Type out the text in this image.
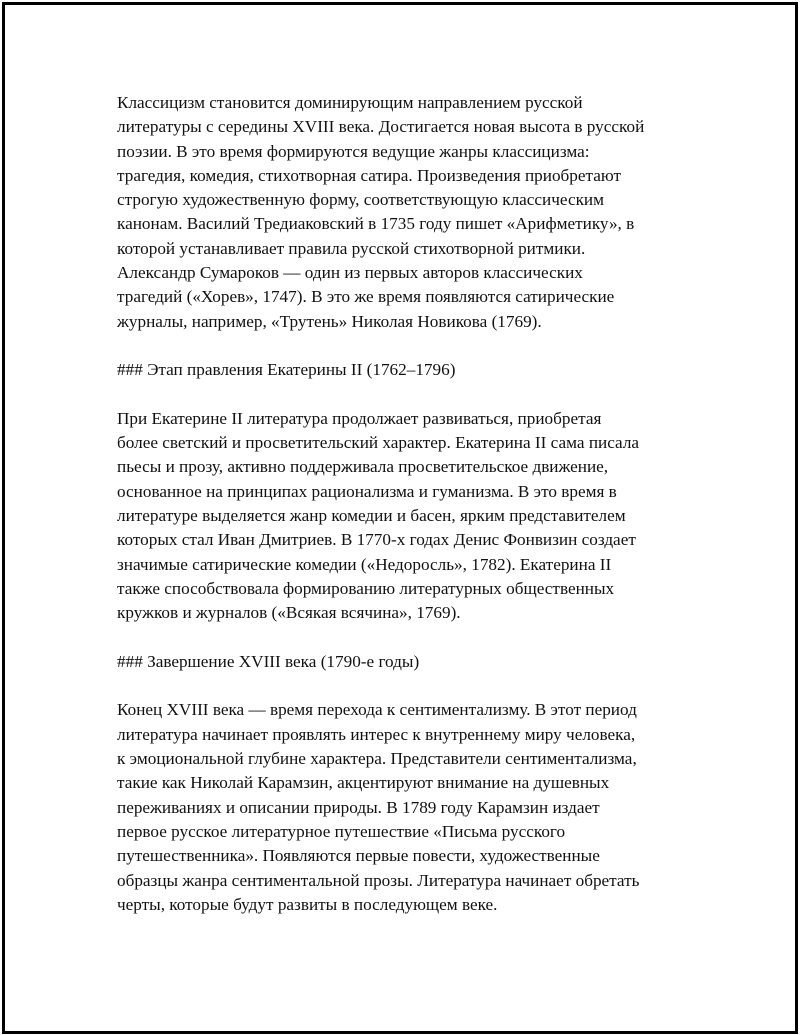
Классицизм становится доминирующим направлением русской
литературы с середины XVIII века. Достигается новая высота в русской
поэзии. В это время формируются ведущие жанры классицизма:
трагедия, комедия, стихотворная сатира. Произведения приобретают
строгую художественную форму, соответствующую классическим
канонам. Василий Тредиаковский в 1735 году пишет «Арифметику», в
которой устанавливает правила русской стихотворной ритмики.
Александр Сумароков — один из первых авторов классических
трагедий («Хорев», 1747). В это же время появляются сатирические
журналы, например, «Трутень» Николая Новикова (1769).

### Этап правления Екатерины II (1762–1796)

При Екатерине II литература продолжает развиваться, приобретая
более светский и просветительский характер. Екатерина II сама писала
пьесы и прозу, активно поддерживала просветительское движение,
основанное на принципах рационализма и гуманизма. В это время в
литературе выделяется жанр комедии и басен, ярким представителем
которых стал Иван Дмитриев. В 1770-х годах Денис Фонвизин создает
значимые сатирические комедии («Недоросль», 1782). Екатерина II
также способствовала формированию литературных общественных
кружков и журналов («Всякая всячина», 1769).

### Завершение XVIII века (1790-е годы)

Конец XVIII века — время перехода к сентиментализму. В этот период
литература начинает проявлять интерес к внутреннему миру человека,
к эмоциональной глубине характера. Представители сентиментализма,
такие как Николай Карамзин, акцентируют внимание на душевных
переживаниях и описании природы. В 1789 году Карамзин издает
первое русское литературное путешествие «Письма русского
путешественника». Появляются первые повести, художественные
образцы жанра сентиментальной прозы. Литература начинает обретать
черты, которые будут развиты в последующем веке.
